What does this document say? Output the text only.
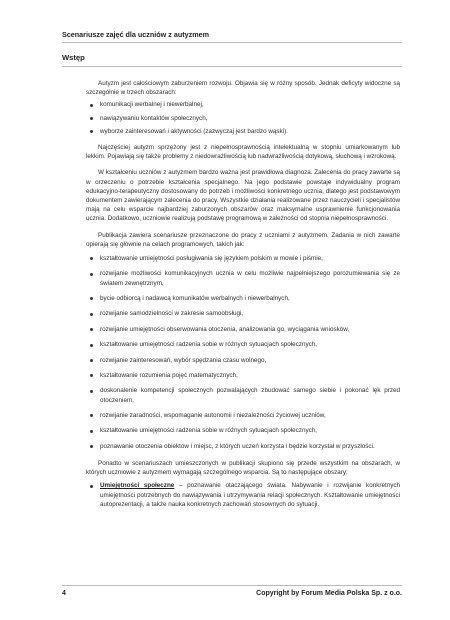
Scenariusze zajęć dla uczniów z autyzmem
Wstęp

Autyzm jest całościowym zaburzeniem rozwoju. Objawia się w różny sposób. Jednak deficyty widoczne są szczególnie w trzech obszarach:

komunikacji werbalnej i niewerbalnej,
nawiązywaniu kontaktów społecznych,
wyborze zainteresowań i aktywności (zazwyczaj jest bardzo wąski).

Najczęściej autyzm sprzężony jest z niepełnosprawnością intelektualną w stopniu umiarkowanym lub lekkim. Pojawiają się także problemy z niedowrażliwością lub nadwrażliwością dotykową, słuchową i wzrokową.

W kształceniu uczniów z autyzmem bardzo ważna jest prawidłowa diagnoza. Zalecenia do pracy zawarte są w orzeczeniu o potrzebie kształcenia specjalnego. Na jego podstawie powstaje indywidualny program edukacyjno-terapeutyczny dostosowany do potrzeb i możliwości konkretnego ucznia, dlatego jest podstawowym dokumentem zawierającym zalecenia do pracy. Wszystkie działania realizowane przez nauczycieli i specjalistów mają na celu wsparcie najbardziej zaburzonych obszarów oraz maksymalne usprawnienie funkcjonowania ucznia. Dodatkowo, uczniowie realizują podstawę programową w zależności od stopnia niepełnosprawności.

Publikacja zawiera scenariusze przeznaczone do pracy z uczniami z autyzmem. Zadania w nich zawarte opierają się głównie na celach programowych, takich jak:

kształtowanie umiejętności posługiwania się językiem polskim w mowie i piśmie,
rozwijanie możliwości komunikacyjnych ucznia w celu możliwie najpełniejszego porozumiewania się ze światem zewnętrznym,
bycie odbiorcą i nadawcą komunikatów werbalnych i niewerbalnych,
rozwijanie samodzielności w zakresie samoobsługi,
rozwijanie umiejętności obserwowania otoczenia, analizowania go, wyciągania wniosków,
kształtowanie umiejętności radzenia sobie w różnych sytuacjach społecznych,
rozwijanie zainteresowań, wybór spędzania czasu wolnego,
kształtowanie rozumienia pojęć matematycznych,
doskonalenie kompetencji społecznych pozwalających zbudować samego siebie i pokonać lęk przed otoczeniem,
rozwijanie zaradności, wspomaganie autonomii i niezależności życiowej uczniów,
kształtowanie umiejętności radzenia sobie w różnych sytuacjach społecznych,
poznawanie otoczenia obiektów i miejsc, z których uczeń korzysta i będzie korzystał w przyszłości.

Ponadto w scenariuszach umieszczonych w publikacji skupiono się przede wszystkim na obszarach, w których uczniowie z autyzmem wymagają szczególnego wsparcia. Są to następujące obszary:

Umiejętności społeczne – poznawanie otaczającego świata. Nabywanie i rozwijanie konkretnych umiejętności potrzebnych do nawiązywania i utrzymywania relacji społecznych. Kształtowanie umiejętności autoprezentacji, a także nauka konkretnych zachowań stosownych do sytuacji.
4	Copyright by Forum Media Polska Sp. z o.o.
